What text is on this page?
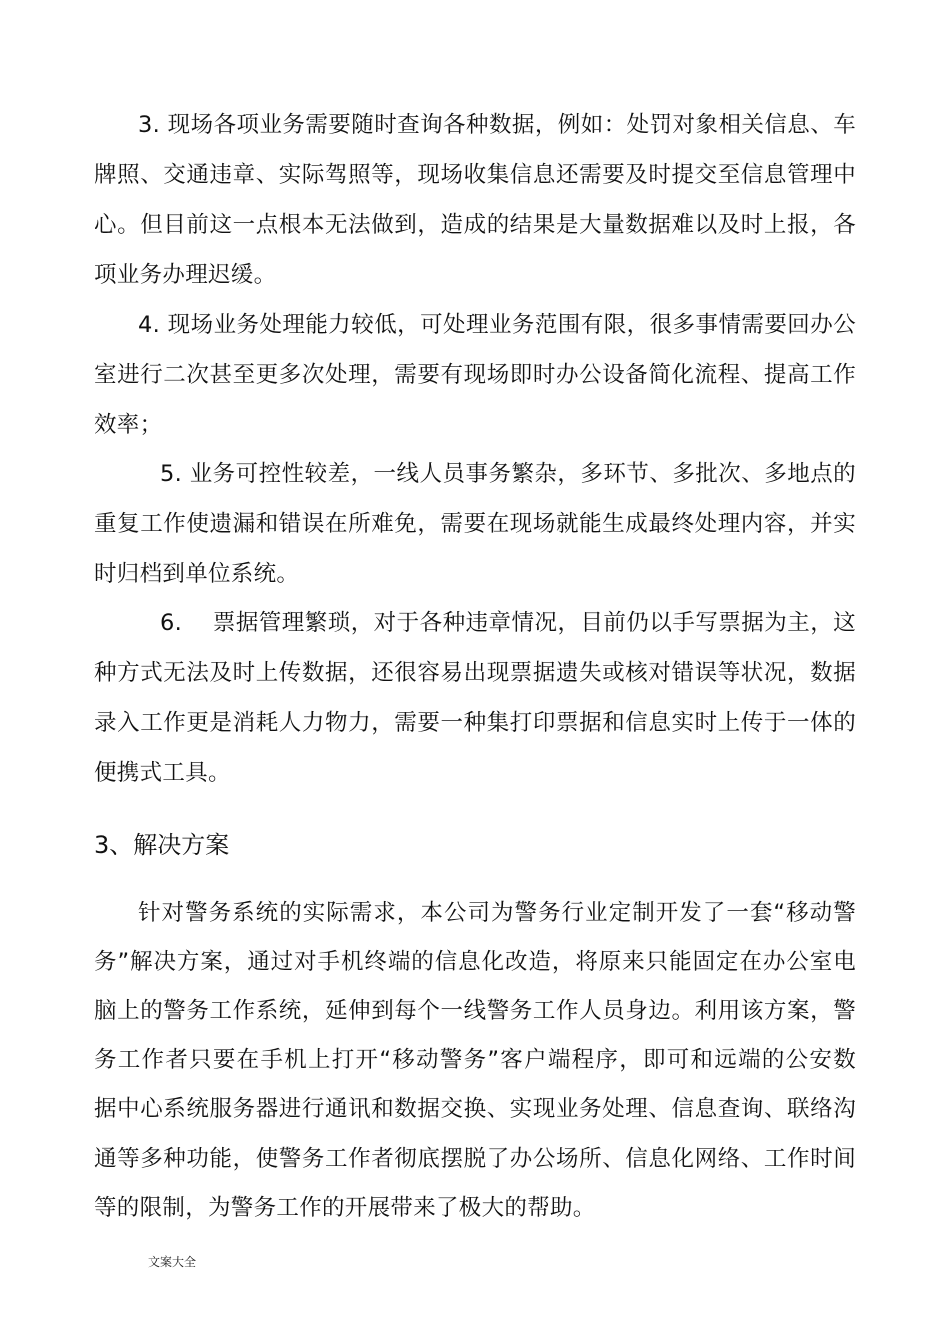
3. 现场各项业务需要随时查询各种数据，例如：处罚对象相关信息、车
牌照、交通违章、实际驾照等，现场收集信息还需要及时提交至信息管理中
心。但目前这一点根本无法做到，造成的结果是大量数据难以及时上报，各
项业务办理迟缓。
4. 现场业务处理能力较低，可处理业务范围有限，很多事情需要回办公
室进行二次甚至更多次处理，需要有现场即时办公设备简化流程、提高工作
效率；
5. 业务可控性较差，一线人员事务繁杂，多环节、多批次、多地点的
重复工作使遗漏和错误在所难免，需要在现场就能生成最终处理内容，并实
时归档到单位系统。
6.　 票据管理繁琐，对于各种违章情况，目前仍以手写票据为主，这
种方式无法及时上传数据，还很容易出现票据遗失或核对错误等状况，数据
录入工作更是消耗人力物力，需要一种集打印票据和信息实时上传于一体的
便携式工具。
3、解决方案
针对警务系统的实际需求，本公司为警务行业定制开发了一套“移动警
务”解决方案，通过对手机终端的信息化改造，将原来只能固定在办公室电
脑上的警务工作系统，延伸到每个一线警务工作人员身边。利用该方案，警
务工作者只要在手机上打开“移动警务”客户端程序，即可和远端的公安数
据中心系统服务器进行通讯和数据交换、实现业务处理、信息查询、联络沟
通等多种功能，使警务工作者彻底摆脱了办公场所、信息化网络、工作时间
等的限制，为警务工作的开展带来了极大的帮助。
文案大全
